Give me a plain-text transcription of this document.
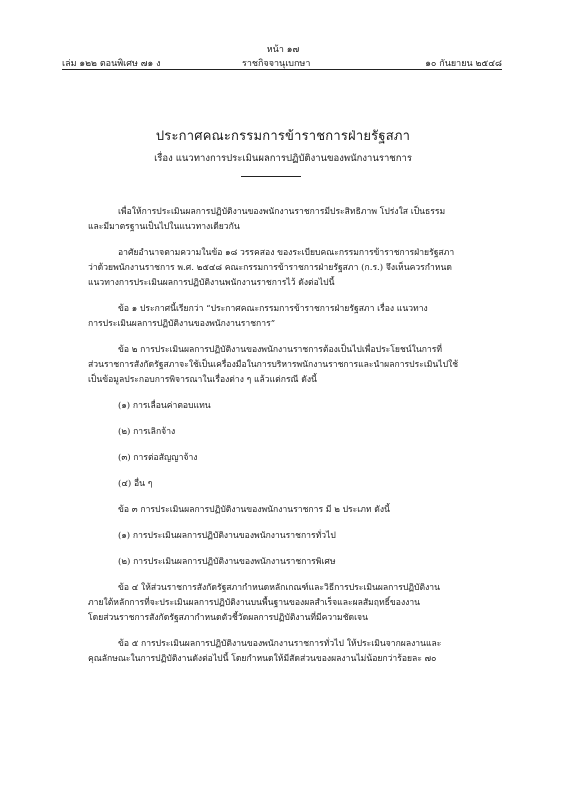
หน้า ๑๗
เล่ม ๑๒๒ ตอนพิเศษ ๗๑ ง	ราชกิจจานุเบกษา	๑๐ กันยายน ๒๕๔๘
ประกาศคณะกรรมการข้าราชการฝ่ายรัฐสภา
เรื่อง แนวทางการประเมินผลการปฏิบัติงานของพนักงานราชการ
เพื่อให้การประเมินผลการปฏิบัติงานของพนักงานราชการมีประสิทธิภาพ โปร่งใส เป็นธรรม
และมีมาตรฐานเป็นไปในแนวทางเดียวกัน
อาศัยอำนาจตามความในข้อ ๑๘ วรรคสอง ของระเบียบคณะกรรมการข้าราชการฝ่ายรัฐสภา
ว่าด้วยพนักงานราชการ พ.ศ. ๒๕๔๘ คณะกรรมการข้าราชการฝ่ายรัฐสภา (ก.ร.) จึงเห็นควรกำหนด
แนวทางการประเมินผลการปฏิบัติงานพนักงานราชการไว้ ดังต่อไปนี้
ข้อ ๑ ประกาศนี้เรียกว่า “ประกาศคณะกรรมการข้าราชการฝ่ายรัฐสภา เรื่อง แนวทาง
การประเมินผลการปฏิบัติงานของพนักงานราชการ”
ข้อ ๒ การประเมินผลการปฏิบัติงานของพนักงานราชการต้องเป็นไปเพื่อประโยชน์ในการที่
ส่วนราชการสังกัดรัฐสภาจะใช้เป็นเครื่องมือในการบริหารพนักงานราชการและนำผลการประเมินไปใช้
เป็นข้อมูลประกอบการพิจารณาในเรื่องต่าง ๆ แล้วแต่กรณี ดังนี้
(๑) การเลื่อนค่าตอบแทน
(๒) การเลิกจ้าง
(๓) การต่อสัญญาจ้าง
(๔) อื่น ๆ
ข้อ ๓ การประเมินผลการปฏิบัติงานของพนักงานราชการ มี ๒ ประเภท ดังนี้
(๑) การประเมินผลการปฏิบัติงานของพนักงานราชการทั่วไป
(๒) การประเมินผลการปฏิบัติงานของพนักงานราชการพิเศษ
ข้อ ๔ ให้ส่วนราชการสังกัดรัฐสภากำหนดหลักเกณฑ์และวิธีการประเมินผลการปฏิบัติงาน
ภายใต้หลักการที่จะประเมินผลการปฏิบัติงานบนพื้นฐานของผลสำเร็จและผลสัมฤทธิ์ของงาน
โดยส่วนราชการสังกัดรัฐสภากำหนดตัวชี้วัดผลการปฏิบัติงานที่มีความชัดเจน
ข้อ ๕ การประเมินผลการปฏิบัติงานของพนักงานราชการทั่วไป ให้ประเมินจากผลงานและ
คุณลักษณะในการปฏิบัติงานดังต่อไปนี้ โดยกำหนดให้มีสัดส่วนของผลงานไม่น้อยกว่าร้อยละ ๗๐
